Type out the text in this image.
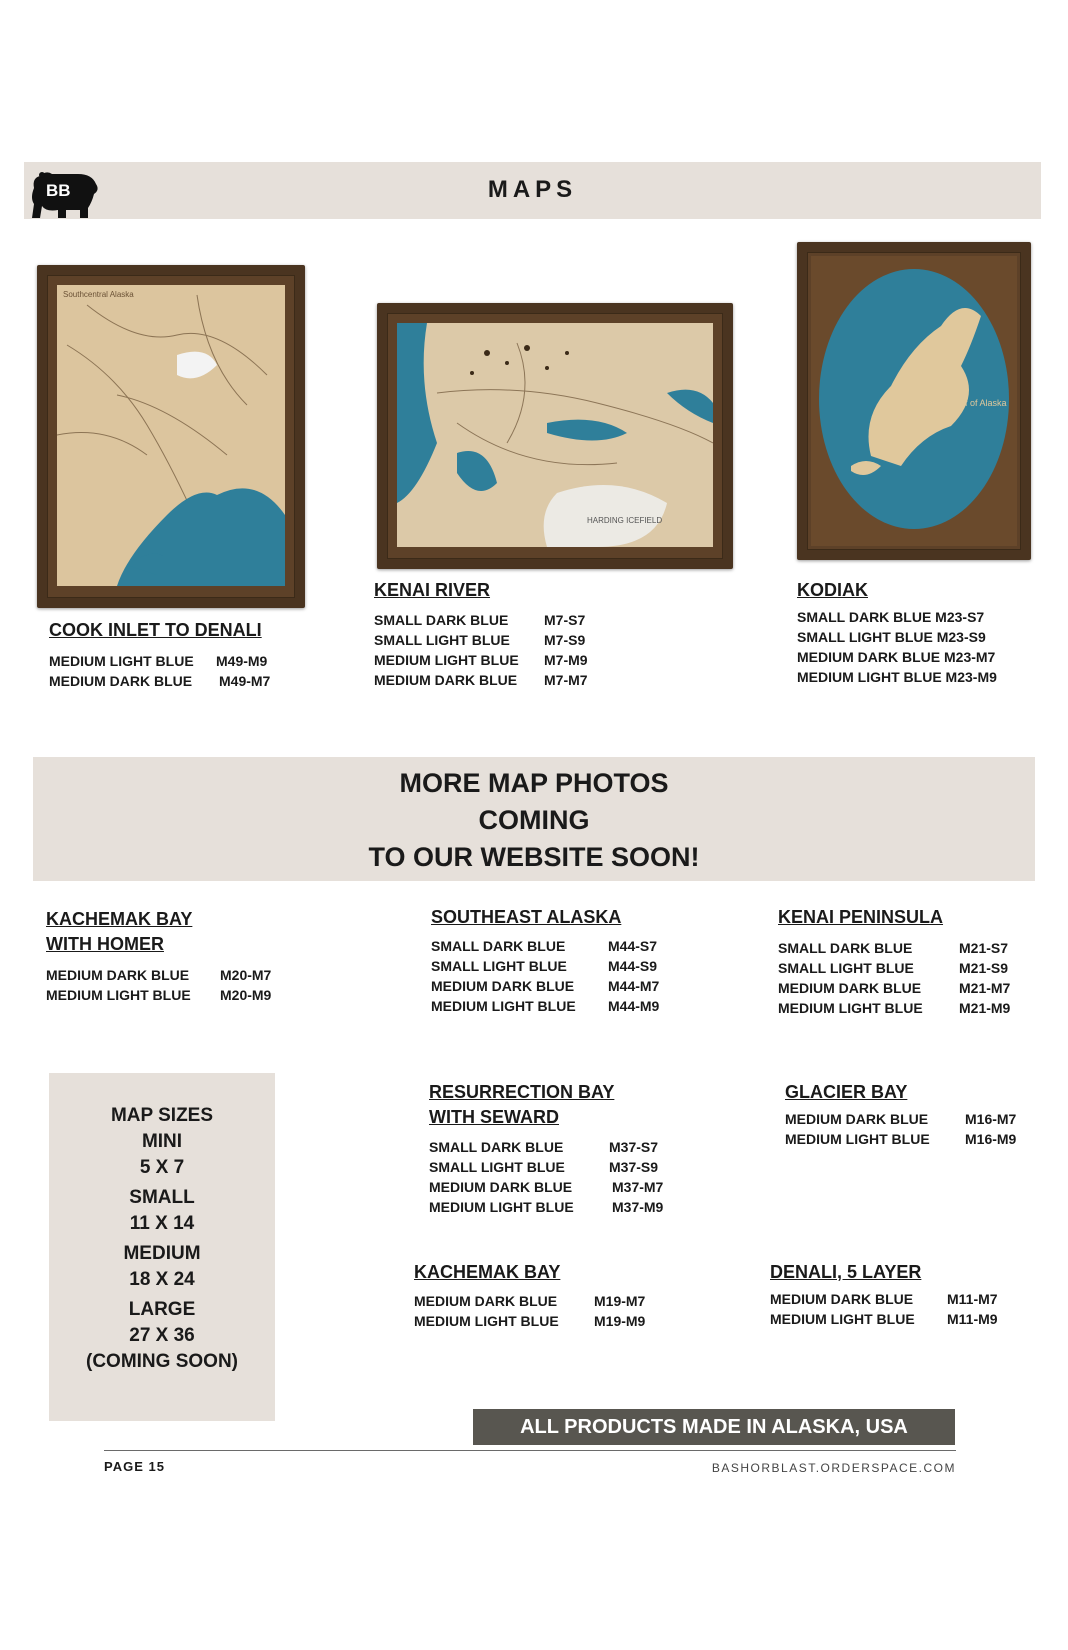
MAPS
BB
Southcentral Alaska
HARDING ICEFIELD
Gulf of Alaska
COOK INLET TO DENALI
MEDIUM LIGHT BLUE M49-M9
MEDIUM DARK BLUE M49-M7
KENAI RIVER
SMALL DARK BLUE	M7-S7
SMALL LIGHT BLUE M7-S9
MEDIUM LIGHT BLUE M7-M9
MEDIUM DARK BLUE M7-M7
KODIAK
SMALL DARK BLUE M23-S7
SMALL LIGHT BLUE M23-S9
MEDIUM DARK BLUE M23-M7
MEDIUM LIGHT BLUE M23-M9
MORE MAP PHOTOS
COMING
TO OUR WEBSITE SOON!
KACHEMAK BAY
WITH HOMER
MEDIUM DARK BLUE M20-M7
MEDIUM LIGHT BLUE M20-M9
SOUTHEAST ALASKA
SMALL DARK BLUE	M44-S7
SMALL LIGHT BLUE	M44-S9
MEDIUM DARK BLUE M44-M7
MEDIUM LIGHT BLUE M44-M9
KENAI PENINSULA
SMALL DARK BLUE	M21-S7
SMALL LIGHT BLUE	M21-S9
MEDIUM DARK BLUE	M21-M7
MEDIUM LIGHT BLUE	M21-M9
RESURRECTION BAY
WITH SEWARD
SMALL DARK BLUE	M37-S7
SMALL LIGHT BLUE	M37-S9
MEDIUM DARK BLUE	M37-M7
MEDIUM LIGHT BLUE	M37-M9
GLACIER BAY
MEDIUM DARK BLUE	M16-M7
MEDIUM LIGHT BLUE	M16-M9
KACHEMAK BAY
MEDIUM DARK BLUE	M19-M7
MEDIUM LIGHT BLUE	M19-M9
DENALI, 5 LAYER
MEDIUM DARK BLUE M11-M7
MEDIUM LIGHT BLUE M11-M9
MAP SIZES
MINI
5 X 7
SMALL
11 X 14
MEDIUM
18 X 24
LARGE
27 X 36
(COMING SOON)
ALL PRODUCTS MADE IN ALASKA, USA
PAGE 15	BASHORBLAST.ORDERSPACE.COM
